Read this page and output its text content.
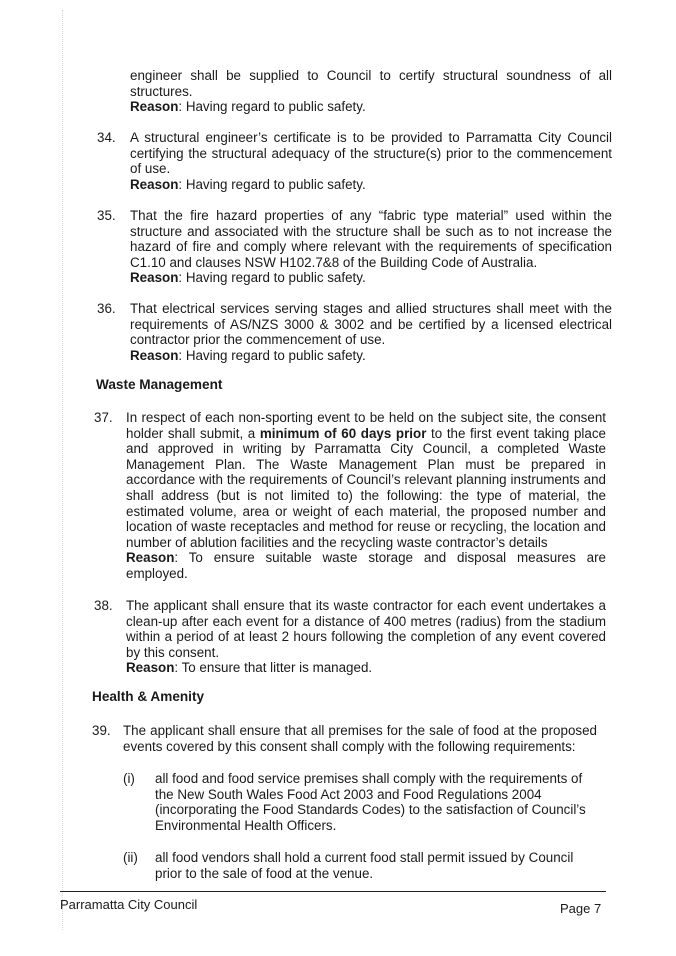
engineer shall be supplied to Council to certify structural soundness of all structures.
Reason: Having regard to public safety.
34. A structural engineer’s certificate is to be provided to Parramatta City Council certifying the structural adequacy of the structure(s) prior to the commencement of use.
Reason: Having regard to public safety.
35. That the fire hazard properties of any “fabric type material” used within the structure and associated with the structure shall be such as to not increase the hazard of fire and comply where relevant with the requirements of specification C1.10 and clauses NSW H102.7&8 of the Building Code of Australia.
Reason: Having regard to public safety.
36. That electrical services serving stages and allied structures shall meet with the requirements of AS/NZS 3000 & 3002 and be certified by a licensed electrical contractor prior the commencement of use.
Reason: Having regard to public safety.
Waste Management
37. In respect of each non-sporting event to be held on the subject site, the consent holder shall submit, a minimum of 60 days prior to the first event taking place and approved in writing by Parramatta City Council, a completed Waste Management Plan. The Waste Management Plan must be prepared in accordance with the requirements of Council’s relevant planning instruments and shall address (but is not limited to) the following: the type of material, the estimated volume, area or weight of each material, the proposed number and location of waste receptacles and method for reuse or recycling, the location and number of ablution facilities and the recycling waste contractor’s details
Reason: To ensure suitable waste storage and disposal measures are employed.
38. The applicant shall ensure that its waste contractor for each event undertakes a clean-up after each event for a distance of 400 metres (radius) from the stadium within a period of at least 2 hours following the completion of any event covered by this consent.
Reason: To ensure that litter is managed.
Health & Amenity
39. The applicant shall ensure that all premises for the sale of food at the proposed events covered by this consent shall comply with the following requirements:
(i) all food and food service premises shall comply with the requirements of the New South Wales Food Act 2003 and Food Regulations 2004 (incorporating the Food Standards Codes) to the satisfaction of Council’s Environmental Health Officers.
(ii) all food vendors shall hold a current food stall permit issued by Council prior to the sale of food at the venue.
Parramatta City Council	Page 7
